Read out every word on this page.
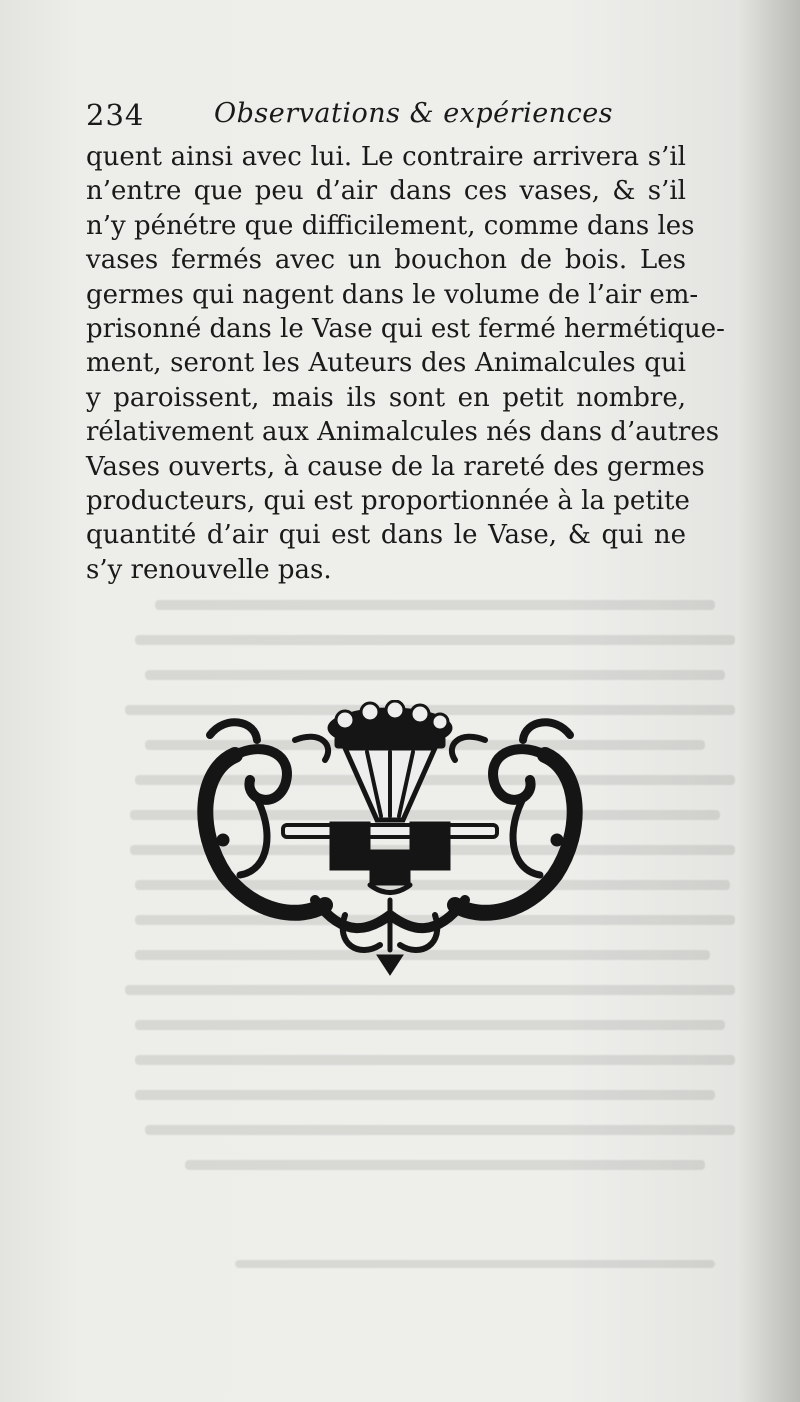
234	Observations & expériences
quent ainsi avec lui. Le contraire arrivera s’il
n’entre que peu d’air dans ces vases, & s’il
n’y pénétre que difficilement, comme dans les
vases fermés avec un bouchon de bois. Les
germes qui nagent dans le volume de l’air em-
prisonné dans le Vase qui est fermé hermétique-
ment, seront les Auteurs des Animalcules qui
y paroissent, mais ils sont en petit nombre,
rélativement aux Animalcules nés dans d’autres
Vases ouverts, à cause de la rareté des germes
producteurs, qui est proportionnée à la petite
quantité d’air qui est dans le Vase, & qui ne
s’y renouvelle pas.
